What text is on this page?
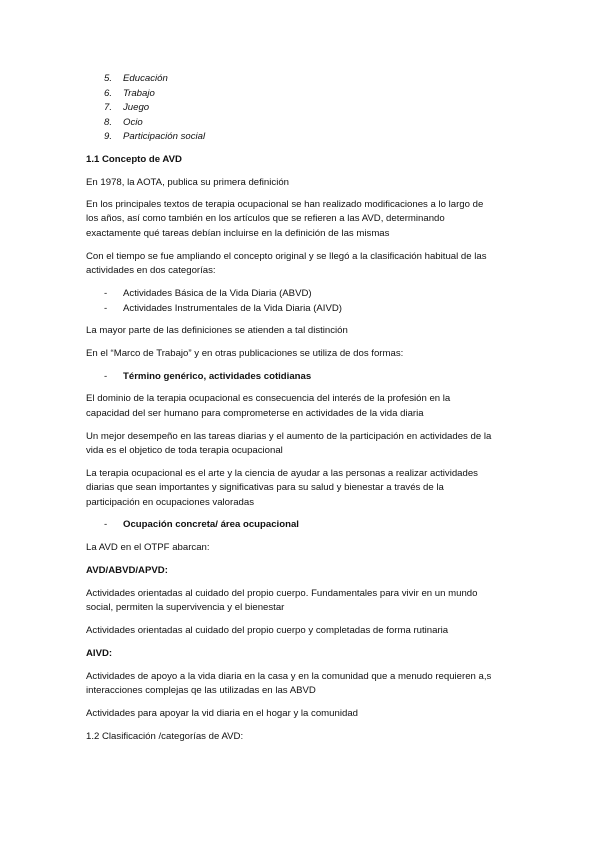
5. Educación
6. Trabajo
7. Juego
8. Ocio
9. Participación social
1.1 Concepto de AVD
En 1978, la AOTA, publica su primera definición
En los principales textos de terapia ocupacional se han realizado modificaciones a lo largo de
los años, así como también en los artículos que se refieren a las AVD, determinando
exactamente qué tareas debían incluirse en la definición de las mismas
Con el tiempo se fue ampliando el concepto original y se llegó a la clasificación habitual de las
actividades en dos categorías:
- Actividades Básica de la Vida Diaria (ABVD)
- Actividades Instrumentales de la Vida Diaria (AIVD)
La mayor parte de las definiciones se atienden a tal distinción
En el “Marco de Trabajo” y en otras publicaciones se utiliza de dos formas:
- Término genérico, actividades cotidianas
El dominio de la terapia ocupacional es consecuencia del interés de la profesión en la
capacidad del ser humano para comprometerse en actividades de la vida diaria
Un mejor desempeño en las tareas diarias y el aumento de la participación en actividades de la
vida es el objetico de toda terapia ocupacional
La terapia ocupacional es el arte y la ciencia de ayudar a las personas a realizar actividades
diarias que sean importantes y significativas para su salud y bienestar a través de la
participación en ocupaciones valoradas
- Ocupación concreta/ área ocupacional
La AVD en el OTPF abarcan:
AVD/ABVD/APVD:
Actividades orientadas al cuidado del propio cuerpo. Fundamentales para vivir en un mundo
social, permiten la supervivencia y el bienestar
Actividades orientadas al cuidado del propio cuerpo y completadas de forma rutinaria
AIVD:
Actividades de apoyo a la vida diaria en la casa y en la comunidad que a menudo requieren a,s
interacciones complejas qe las utilizadas en las ABVD
Actividades para apoyar la vid diaria en el hogar y la comunidad
1.2 Clasificación /categorías de AVD:
